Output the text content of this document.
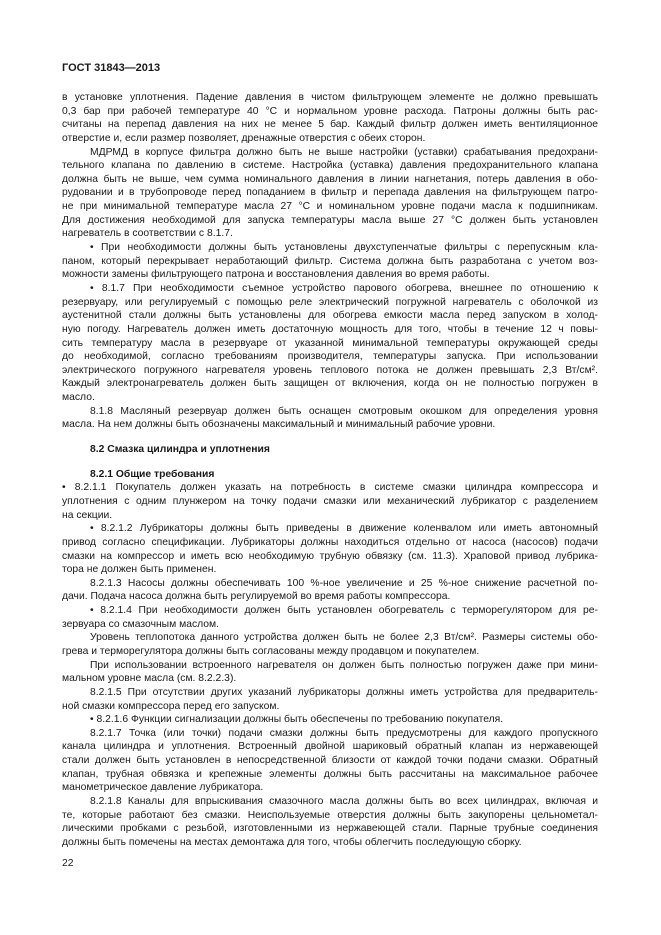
ГОСТ 31843—2013
в установке уплотнения. Падение давления в чистом фильтрующем элементе не должно превышать
0,3 бар при рабочей температуре 40 °С и нормальном уровне расхода. Патроны должны быть рас-
считаны на перепад давления на них не менее 5 бар. Каждый фильтр должен иметь вентиляционное
отверстие и, если размер позволяет, дренажные отверстия с обеих сторон.
МДРМД в корпусе фильтра должно быть не выше настройки (уставки) срабатывания предохрани-
тельного клапана по давлению в системе. Настройка (уставка) давления предохранительного клапана
должна быть не выше, чем сумма номинального давления в линии нагнетания, потерь давления в обо-
рудовании и в трубопроводе перед попаданием в фильтр и перепада давления на фильтрующем патро-
не при минимальной температуре масла 27 °С и номинальном уровне подачи масла к подшипникам.
Для достижения необходимой для запуска температуры масла выше 27 °С должен быть установлен
нагреватель в соответствии с 8.1.7.
• При необходимости должны быть установлены двухступенчатые фильтры с перепускным кла-
паном, который перекрывает неработающий фильтр. Система должна быть разработана с учетом воз-
можности замены фильтрующего патрона и восстановления давления во время работы.
• 8.1.7 При необходимости съемное устройство парового обогрева, внешнее по отношению к
резервуару, или регулируемый с помощью реле электрический погружной нагреватель с оболочкой из
аустенитной стали должны быть установлены для обогрева емкости масла перед запуском в холод-
ную погоду. Нагреватель должен иметь достаточную мощность для того, чтобы в течение 12 ч повы-
сить температуру масла в резервуаре от указанной минимальной температуры окружающей среды
до необходимой, согласно требованиям производителя, температуры запуска. При использовании
электрического погружного нагревателя уровень теплового потока не должен превышать 2,3 Вт/см².
Каждый электронагреватель должен быть защищен от включения, когда он не полностью погружен в
масло.
8.1.8 Масляный резервуар должен быть оснащен смотровым окошком для определения уровня
масла. На нем должны быть обозначены максимальный и минимальный рабочие уровни.
8.2 Смазка цилиндра и уплотнения
8.2.1 Общие требования
• 8.2.1.1 Покупатель должен указать на потребность в системе смазки цилиндра компрессора и
уплотнения с одним плунжером на точку подачи смазки или механический лубрикатор с разделением
на секции.
• 8.2.1.2 Лубрикаторы должны быть приведены в движение коленвалом или иметь автономный
привод согласно спецификации. Лубрикаторы должны находиться отдельно от насоса (насосов) подачи
смазки на компрессор и иметь всю необходимую трубную обвязку (см. 11.3). Храповой привод лубрика-
тора не должен быть применен.
8.2.1.3 Насосы должны обеспечивать 100 %-ное увеличение и 25 %-ное снижение расчетной по-
дачи. Подача насоса должна быть регулируемой во время работы компрессора.
• 8.2.1.4 При необходимости должен быть установлен обогреватель с терморегулятором для ре-
зервуара со смазочным маслом.
Уровень теплопотока данного устройства должен быть не более 2,3 Вт/см². Размеры системы обо-
грева и терморегулятора должны быть согласованы между продавцом и покупателем.
При использовании встроенного нагревателя он должен быть полностью погружен даже при мини-
мальном уровне масла (см. 8.2.2.3).
8.2.1.5 При отсутствии других указаний лубрикаторы должны иметь устройства для предваритель-
ной смазки компрессора перед его запуском.
• 8.2.1.6 Функции сигнализации должны быть обеспечены по требованию покупателя.
8.2.1.7 Точка (или точки) подачи смазки должны быть предусмотрены для каждого пропускного
канала цилиндра и уплотнения. Встроенный двойной шариковый обратный клапан из нержавеющей
стали должен быть установлен в непосредственной близости от каждой точки подачи смазки. Обратный
клапан, трубная обвязка и крепежные элементы должны быть рассчитаны на максимальное рабочее
манометрическое давление лубрикатора.
8.2.1.8 Каналы для впрыскивания смазочного масла должны быть во всех цилиндрах, включая и
те, которые работают без смазки. Неиспользуемые отверстия должны быть закупорены цельнометал-
лическими пробками с резьбой, изготовленными из нержавеющей стали. Парные трубные соединения
должны быть помечены на местах демонтажа для того, чтобы облегчить последующую сборку.
22
